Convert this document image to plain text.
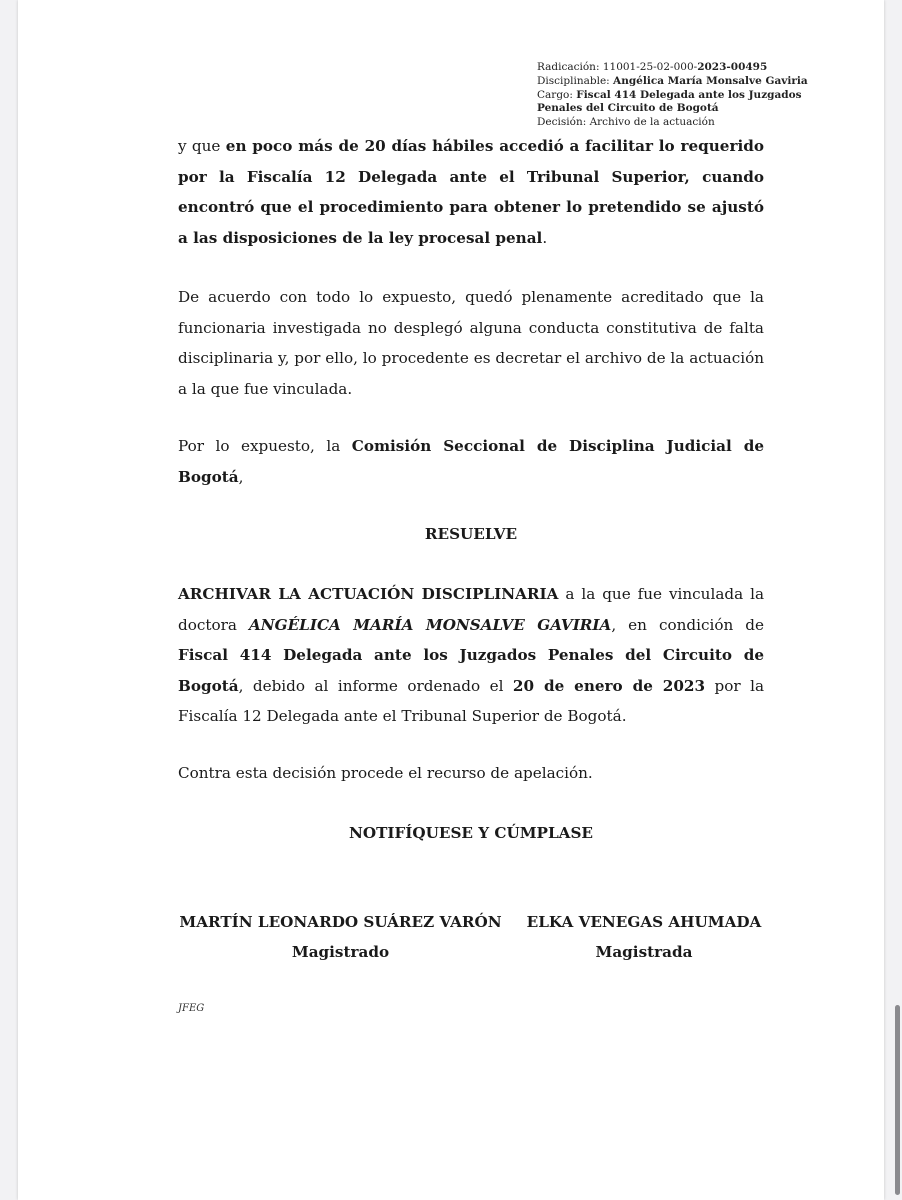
Radicación: 11001-25-02-000-2023-00495
Disciplinable: Angélica María Monsalve Gaviria
Cargo: Fiscal 414 Delegada ante los Juzgados Penales del Circuito de Bogotá
Decisión: Archivo de la actuación
y que en poco más de 20 días hábiles accedió a facilitar lo requerido por la Fiscalía 12 Delegada ante el Tribunal Superior, cuando encontró que el procedimiento para obtener lo pretendido se ajustó a las disposiciones de la ley procesal penal.
De acuerdo con todo lo expuesto, quedó plenamente acreditado que la funcionaria investigada no desplegó alguna conducta constitutiva de falta disciplinaria y, por ello, lo procedente es decretar el archivo de la actuación a la que fue vinculada.
Por lo expuesto, la Comisión Seccional de Disciplina Judicial de Bogotá,
RESUELVE
ARCHIVAR LA ACTUACIÓN DISCIPLINARIA a la que fue vinculada la doctora ANGÉLICA MARÍA MONSALVE GAVIRIA, en condición de Fiscal 414 Delegada ante los Juzgados Penales del Circuito de Bogotá, debido al informe ordenado el 20 de enero de 2023 por la Fiscalía 12 Delegada ante el Tribunal Superior de Bogotá.
Contra esta decisión procede el recurso de apelación.
NOTIFÍQUESE Y CÚMPLASE
MARTÍN LEONARDO SUÁREZ VARÓN
Magistrado
ELKA VENEGAS AHUMADA
Magistrada
JFEG
